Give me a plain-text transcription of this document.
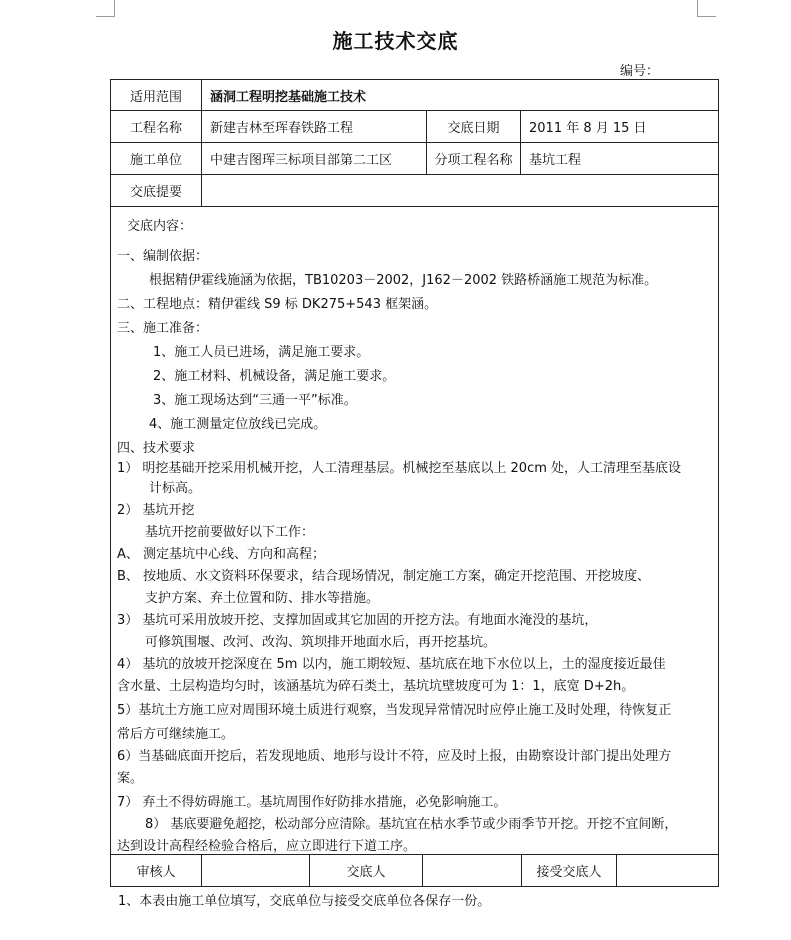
施工技术交底
编号：
适用范围	涵洞工程明挖基础施工技术
工程名称	新建吉林至珲春铁路工程	交底日期	2011 年 8 月 15 日
施工单位	中建吉图珲三标项目部第二工区	分项工程名称	基坑工程
交底提要
交底内容：
一、编制依据：
根据精伊霍线施涵为依据，TB10203－2002，J162－2002 铁路桥涵施工规范为标准。
二、工程地点：精伊霍线 S9 标 DK275+543 框架涵。
三、施工准备：
1、施工人员已进场，满足施工要求。
2、施工材料、机械设备，满足施工要求。
3、施工现场达到“三通一平”标准。
4、施工测量定位放线已完成。
四、技术要求
1） 明挖基础开挖采用机械开挖，人工清理基层。机械挖至基底以上 20cm 处，人工清理至基底设
计标高。
2） 基坑开挖
基坑开挖前要做好以下工作：
A、 测定基坑中心线、方向和高程；
B、 按地质、水文资料环保要求，结合现场情况，制定施工方案，确定开挖范围、开挖坡度、
支护方案、弃土位置和防、排水等措施。
3） 基坑可采用放坡开挖、支撑加固或其它加固的开挖方法。有地面水淹没的基坑，
可修筑围堰、改河、改沟、筑坝排开地面水后，再开挖基坑。
4） 基坑的放坡开挖深度在 5m 以内，施工期较短、基坑底在地下水位以上，土的湿度接近最佳
含水量、土层构造均匀时，该涵基坑为碎石类土，基坑坑壁坡度可为 1：1，底宽 D+2h。
5）基坑土方施工应对周围环境土质进行观察，当发现异常情况时应停止施工及时处理，待恢复正
常后方可继续施工。
6）当基础底面开挖后，若发现地质、地形与设计不符，应及时上报，由勘察设计部门提出处理方
案。
7） 弃土不得妨碍施工。基坑周围作好防排水措施，必免影响施工。
8） 基底要避免超挖，松动部分应清除。基坑宜在枯水季节或少雨季节开挖。开挖不宜间断，
达到设计高程经检验合格后，应立即进行下道工序。
审核人	交底人	接受交底人
1、本表由施工单位填写，交底单位与接受交底单位各保存一份。
